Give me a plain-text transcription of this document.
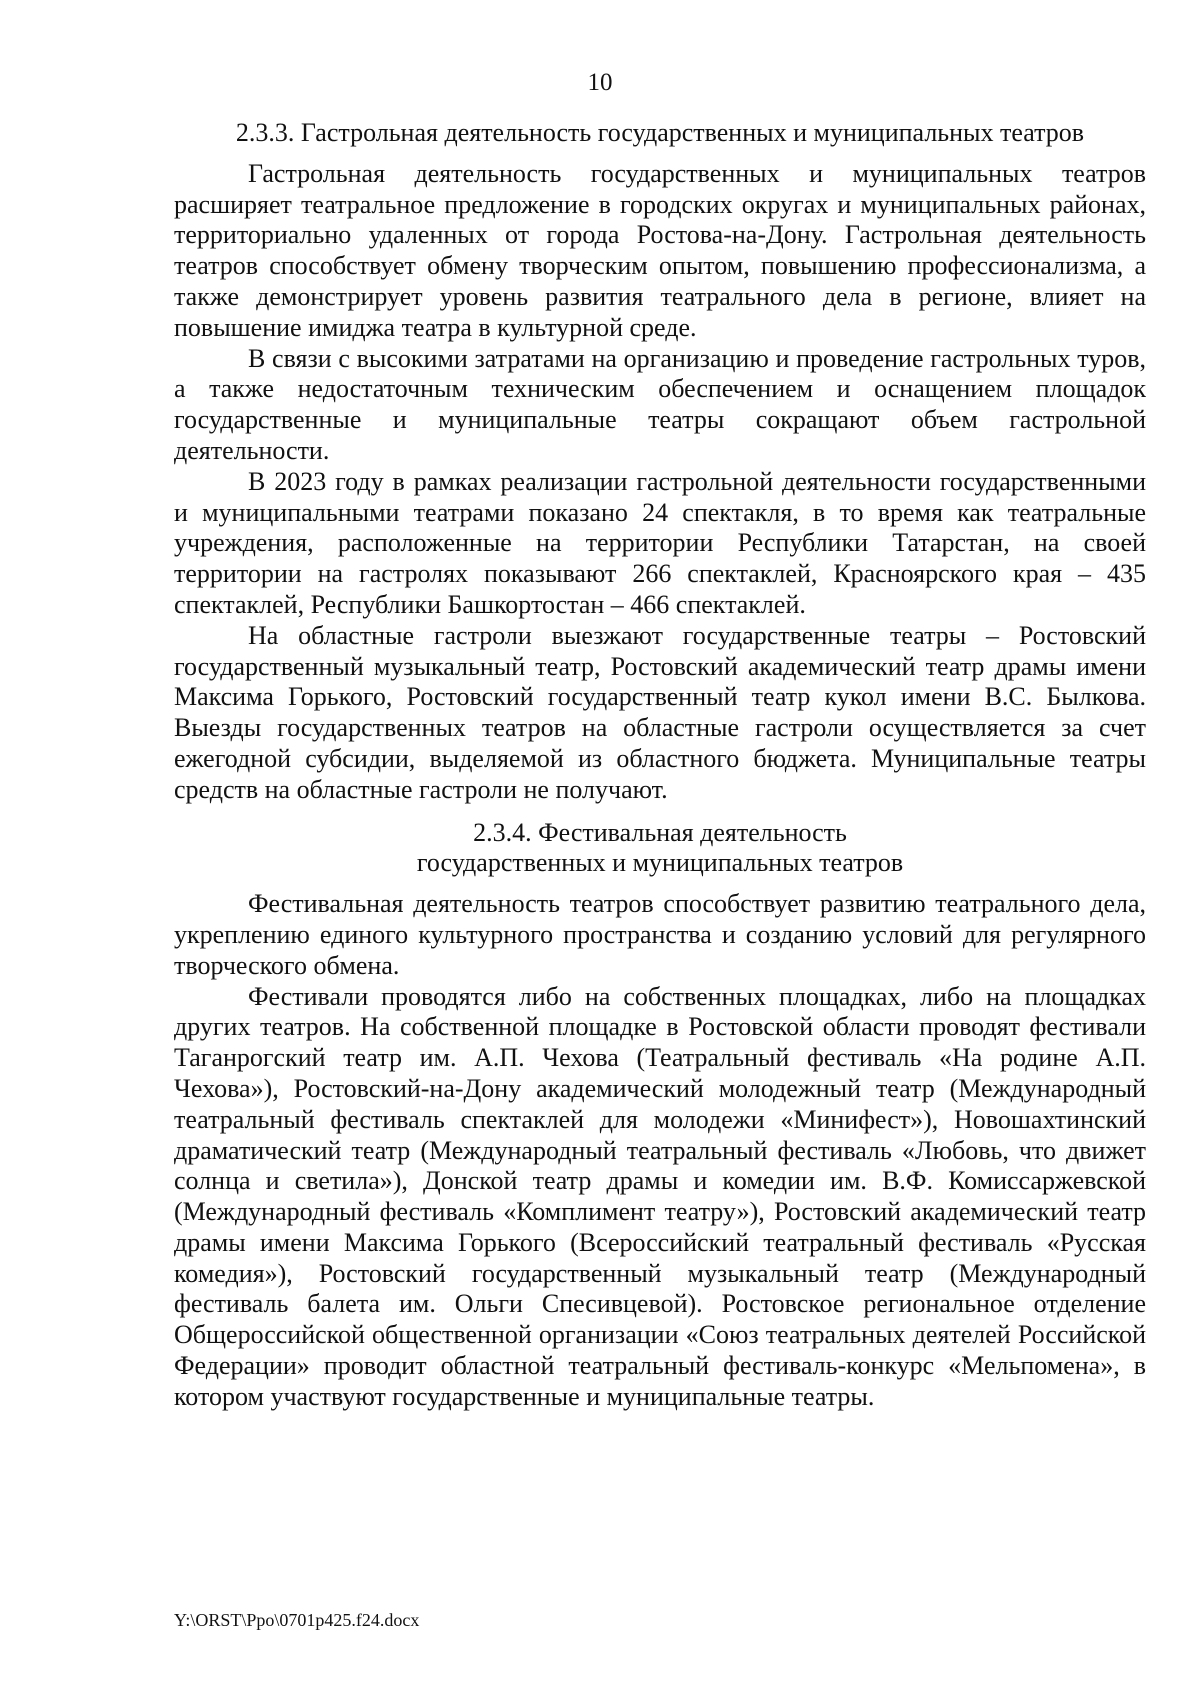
10
2.3.3. Гастрольная деятельность государственных и муниципальных театров

Гастрольная деятельность государственных и муниципальных театров расширяет театральное предложение в городских округах и муниципальных районах, территориально удаленных от города Ростова-на-Дону. Гастрольная деятельность театров способствует обмену творческим опытом, повышению профессионализма, а также демонстрирует уровень развития театрального дела в регионе, влияет на повышение имиджа театра в культурной среде.

В связи с высокими затратами на организацию и проведение гастрольных туров, а также недостаточным техническим обеспечением и оснащением площадок государственные и муниципальные театры сокращают объем гастрольной деятельности.

В 2023 году в рамках реализации гастрольной деятельности государственными и муниципальными театрами показано 24 спектакля, в то время как театральные учреждения, расположенные на территории Республики Татарстан, на своей территории на гастролях показывают 266 спектаклей, Красноярского края – 435 спектаклей, Республики Башкортостан – 466 спектаклей.

На областные гастроли выезжают государственные театры – Ростовский государственный музыкальный театр, Ростовский академический театр драмы имени Максима Горького, Ростовский государственный театр кукол имени В.С. Былкова. Выезды государственных театров на областные гастроли осуществляется за счет ежегодной субсидии, выделяемой из областного бюджета. Муниципальные театры средств на областные гастроли не получают.

2.3.4. Фестивальная деятельность
государственных и муниципальных театров

Фестивальная деятельность театров способствует развитию театрального дела, укреплению единого культурного пространства и созданию условий для регулярного творческого обмена.

Фестивали проводятся либо на собственных площадках, либо на площадках других театров. На собственной площадке в Ростовской области проводят фестивали Таганрогский театр им. А.П. Чехова (Театральный фестиваль «На родине А.П. Чехова»), Ростовский-на-Дону академический молодежный театр (Международный театральный фестиваль спектаклей для молодежи «Минифест»), Новошахтинский драматический театр (Международный театральный фестиваль «Любовь, что движет солнца и светила»), Донской театр драмы и комедии им. В.Ф. Комиссаржевской (Международный фестиваль «Комплимент театру»), Ростовский академический театр драмы имени Максима Горького (Всероссийский театральный фестиваль «Русская комедия»), Ростовский государственный музыкальный театр (Международный фестиваль балета им. Ольги Спесивцевой). Ростовское региональное отделение Общероссийской общественной организации «Союз театральных деятелей Российской Федерации» проводит областной театральный фестиваль-конкурс «Мельпомена», в котором участвуют государственные и муниципальные театры.

Y:\ORST\Ppo\0701p425.f24.docx
